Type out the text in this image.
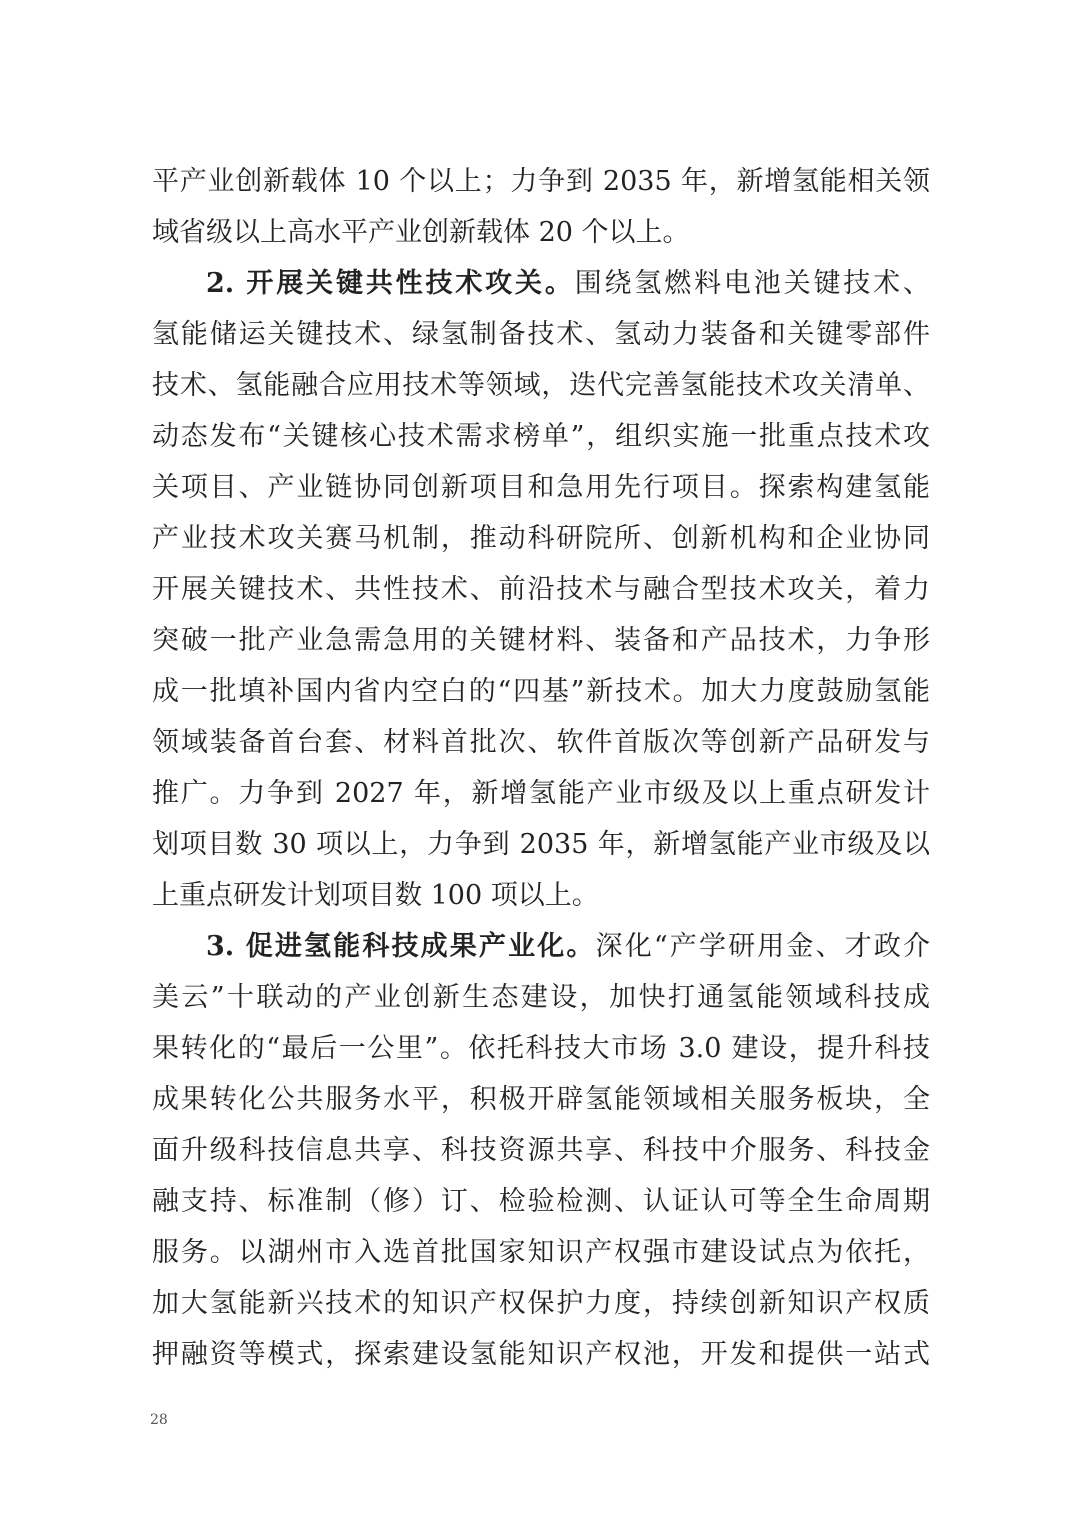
平产业创新载体 10 个以上；力争到 2035 年，新增氢能相关领
域省级以上高水平产业创新载体 20 个以上。
2. 开展关键共性技术攻关。围绕氢燃料电池关键技术、
氢能储运关键技术、绿氢制备技术、氢动力装备和关键零部件
技术、氢能融合应用技术等领域，迭代完善氢能技术攻关清单、
动态发布“关键核心技术需求榜单”，组织实施一批重点技术攻
关项目、产业链协同创新项目和急用先行项目。探索构建氢能
产业技术攻关赛马机制，推动科研院所、创新机构和企业协同
开展关键技术、共性技术、前沿技术与融合型技术攻关，着力
突破一批产业急需急用的关键材料、装备和产品技术，力争形
成一批填补国内省内空白的“四基”新技术。加大力度鼓励氢能
领域装备首台套、材料首批次、软件首版次等创新产品研发与
推广。力争到 2027 年，新增氢能产业市级及以上重点研发计
划项目数 30 项以上，力争到 2035 年，新增氢能产业市级及以
上重点研发计划项目数 100 项以上。
3. 促进氢能科技成果产业化。深化“产学研用金、才政介
美云”十联动的产业创新生态建设，加快打通氢能领域科技成
果转化的“最后一公里”。依托科技大市场 3.0 建设，提升科技
成果转化公共服务水平，积极开辟氢能领域相关服务板块，全
面升级科技信息共享、科技资源共享、科技中介服务、科技金
融支持、标准制（修）订、检验检测、认证认可等全生命周期
服务。以湖州市入选首批国家知识产权强市建设试点为依托，
加大氢能新兴技术的知识产权保护力度，持续创新知识产权质
押融资等模式，探索建设氢能知识产权池，开发和提供一站式
28
